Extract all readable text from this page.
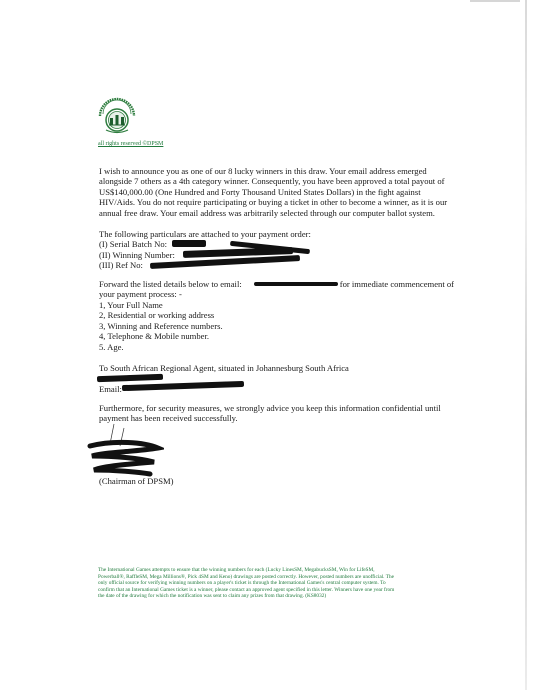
all rights reserved ©DPSM
I wish to announce you as one of our 8 lucky winners in this draw. Your email address emerged
alongside 7 others as a 4th category winner. Consequently, you have been approved a total payout of
US$140,000.00 (One Hundred and Forty Thousand United States Dollars) in the fight against
HIV/Aids. You do not require participating or buying a ticket in other to become a winner, as it is our
annual free draw. Your email address was arbitrarily selected through our computer ballot system.
The following particulars are attached to your payment order:
(I) Serial Batch No:
(II) Winning Number:
(III) Ref No:
Forward the listed details below to email:	for immediate commencement of
your payment process: -
1, Your Full Name
2, Residential or working address
3, Winning and Reference numbers.
4, Telephone & Mobile number.
5. Age.
To South African Regional Agent, situated in Johannesburg South Africa
Email:
Furthermore, for security measures, we strongly advice you keep this information confidential until
payment has been received successfully.
(Chairman of DPSM)
The International Games attempts to ensure that the winning numbers for each (Lucky LinesSM, MegabucksSM, Win for LifeSM,
Powerball®, RaffleSM, Mega Millions®, Pick 4SM and Keno) drawings are posted correctly. However, posted numbers are unofficial. The
only official source for verifying winning numbers on a player's ticket is through the International Games's central computer system. To
confirm that an International Games ticket is a winner, please contact an approved agent specified in this letter. Winners have one year from
the date of the drawing for which the notification was sent to claim any prizes from that drawing. (KS8032)
